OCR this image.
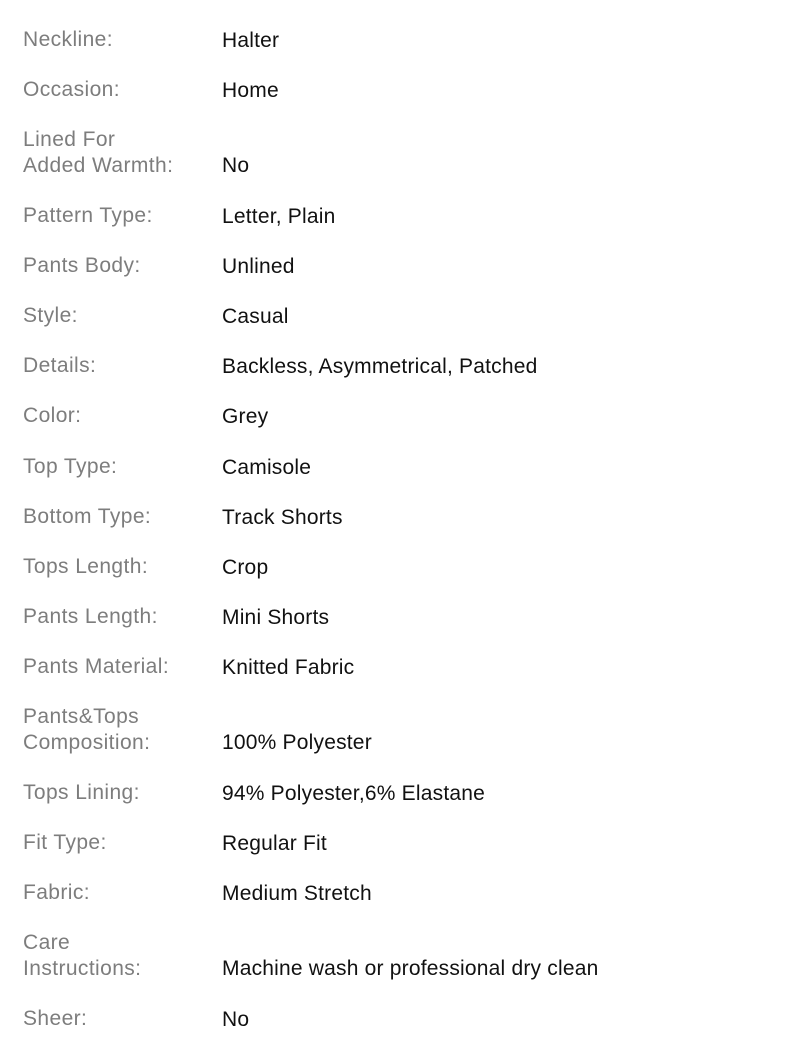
Neckline:	Halter
Occasion:	Home
Lined For
Added Warmth:	No
Pattern Type:	Letter, Plain
Pants Body:	Unlined
Style:	Casual
Details:	Backless, Asymmetrical, Patched
Color:	Grey
Top Type:	Camisole
Bottom Type:	Track Shorts
Tops Length:	Crop
Pants Length:	Mini Shorts
Pants Material:	Knitted Fabric
Pants&Tops
Composition:	100% Polyester
Tops Lining:	94% Polyester,6% Elastane
Fit Type:	Regular Fit
Fabric:	Medium Stretch
Care
Instructions:	Machine wash or professional dry clean
Sheer:	No
